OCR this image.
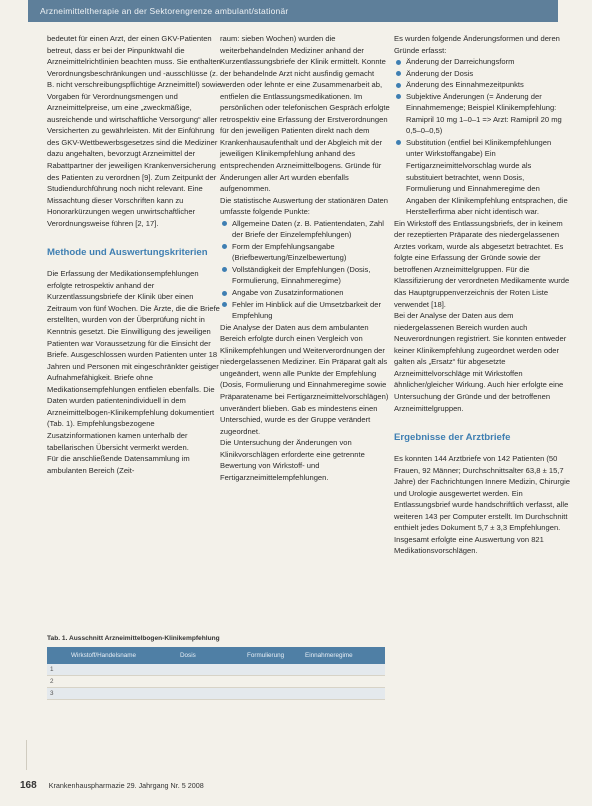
Arzneimitteltherapie an der Sektorengrenze ambulant/stationär

bedeutet für einen Arzt, der einen GKV-Patienten betreut, dass er bei der Pinpunktwahl die Arzneimittelrichtlinien beachten muss. Sie enthalten Verordnungsbeschränkungen und -ausschlüsse (z. B. nicht verschreibungspflichtige Arzneimittel) sowie Vorgaben für Verordnungsmengen und Arzneimittelpreise, um eine „zweckmäßige, ausreichende und wirtschaftliche Versorgung“ aller Versicherten zu gewährleisten. Mit der Einführung des GKV-Wettbewerbsgesetzes sind die Mediziner dazu angehalten, bevorzugt Arzneimittel der Rabattpartner der jeweiligen Krankenversicherung des Patienten zu verordnen [9]. Zum Zeitpunkt der Studiendurchführung noch nicht relevant. Eine Missachtung dieser Vorschriften kann zu Honorarkürzungen wegen unwirtschaftlicher Verordnungsweise führen [2, 17].

Methode und Auswertungskriterien

Die Erfassung der Medikationsempfehlungen erfolgte retrospektiv anhand der Kurzentlassungsbriefe der Klinik über einen Zeitraum von fünf Wochen. Die Ärzte, die die Briefe erstellten, wurden von der Überprüfung nicht in Kenntnis gesetzt. Die Einwilligung des jeweiligen Patienten war Voraussetzung für die Einsicht der Briefe. Ausgeschlossen wurden Patienten unter 18 Jahren und Personen mit eingeschränkter geistiger Aufnahmefähigkeit. Briefe ohne Medikationsempfehlungen entfielen ebenfalls. Die Daten wurden patientenindividuell in dem Arzneimittelbogen-Klinikempfehlung dokumentiert (Tab. 1). Empfehlungsbezogene Zusatzinformationen kamen unterhalb der tabellarischen Übersicht vermerkt werden.

Für die anschließende Datensammlung im ambulanten Bereich (Zeit-

raum: sieben Wochen) wurden die weiterbehandelnden Mediziner anhand der Kurzentlassungsbriefe der Klinik ermittelt. Konnte der behandelnde Arzt nicht ausfindig gemacht werden oder lehnte er eine Zusammenarbeit ab, entfielen die Entlassungsmedikationen. Im persönlichen oder telefonischen Gespräch erfolgte retrospektiv eine Erfassung der Erstverordnungen für den jeweiligen Patienten direkt nach dem Krankenhausaufenthalt und der Abgleich mit der jeweiligen Klinikempfehlung anhand des entsprechenden Arzneimittelbogens. Gründe für Änderungen aller Art wurden ebenfalls aufgenommen.

Die statistische Auswertung der stationären Daten umfasste folgende Punkte:

Allgemeine Daten (z. B. Patientendaten, Zahl der Briefe der Einzelempfehlungen)
Form der Empfehlungsangabe (Briefbewertung/Einzelbewertung)
Vollständigkeit der Empfehlungen (Dosis, Formulierung, Einnahmeregime)
Angabe von Zusatzinformationen
Fehler im Hinblick auf die Umsetzbarkeit der Empfehlung

Die Analyse der Daten aus dem ambulanten Bereich erfolgte durch einen Vergleich von Klinikempfehlungen und Weiterverordnungen der niedergelassenen Mediziner. Ein Präparat galt als ungeändert, wenn alle Punkte der Empfehlung (Dosis, Formulierung und Einnahmeregime sowie Präparatename bei Fertigarzneimittelvorschlägen) unverändert blieben. Gab es mindestens einen Unterschied, wurde es der Gruppe verändert zugeordnet.

Die Untersuchung der Änderungen von Klinikvorschlägen erforderte eine getrennte Bewertung von Wirkstoff- und Fertigarzneimittelempfehlungen.

Es wurden folgende Änderungsformen und deren Gründe erfasst:

Änderung der Darreichungsform
Änderung der Dosis
Änderung des Einnahmezeitpunkts
Subjektive Änderungen (= Änderung der Einnahmemenge; Beispiel Klinikempfehlung: Ramipril 10 mg 1–0–1 => Arzt: Ramipril 20 mg 0,5–0–0,5)
Substitution (entfiel bei Klinikempfehlungen unter Wirkstoffangabe) Ein Fertigarzneimittelvorschlag wurde als substituiert betrachtet, wenn Dosis, Formulierung und Einnahmeregime den Angaben der Klinikempfehlung entsprachen, die Herstellerfirma aber nicht identisch war.

Ein Wirkstoff des Entlassungsbriefs, der in keinem der rezeptierten Präparate des niedergelassenen Arztes vorkam, wurde als abgesetzt betrachtet. Es folgte eine Erfassung der Gründe sowie der betroffenen Arzneimittelgruppen. Für die Klassifizierung der verordneten Medikamente wurde das Hauptgruppenverzeichnis der Roten Liste verwendet [18].

Bei der Analyse der Daten aus dem niedergelassenen Bereich wurden auch Neuverordnungen registriert. Sie konnten entweder keiner Klinikempfehlung zugeordnet werden oder galten als „Ersatz“ für abgesetzte Arzneimittelvorschläge mit Wirkstoffen ähnlicher/gleicher Wirkung. Auch hier erfolgte eine Untersuchung der Gründe und der betroffenen Arzneimittelgruppen.

Ergebnisse der Arztbriefe

Es konnten 144 Arztbriefe von 142 Patienten (50 Frauen, 92 Männer; Durchschnittsalter 63,8 ± 15,7 Jahre) der Fachrichtungen Innere Medizin, Chirurgie und Urologie ausgewertet werden. Ein Entlassungsbrief wurde handschriftlich verfasst, alle weiteren 143 per Computer erstellt. Im Durchschnitt enthielt jedes Dokument 5,7 ± 3,3 Empfehlungen. Insgesamt erfolgte eine Auswertung von 821 Medikationsvorschlägen.

Tab. 1. Ausschnitt Arzneimittelbogen-Klinikempfehlung
Wirkstoff/Handelsname	Dosis	Formulierung	Einnahmeregime
1
2
3
168 Krankenhauspharmazie 29. Jahrgang Nr. 5 2008
